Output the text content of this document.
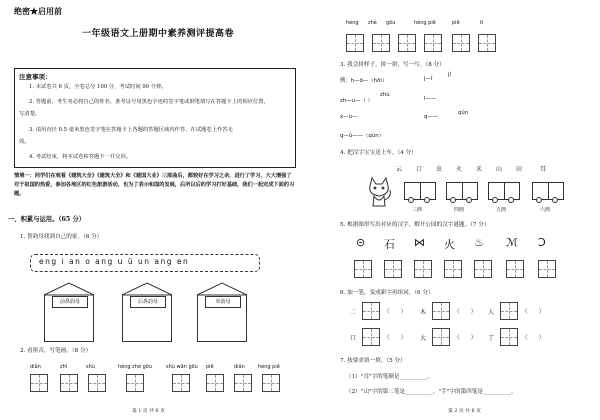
绝密★启用前
一年级语文上册期中素养测评提高卷
注意事项：
1. 本试卷共 6 页，全卷总分 100 分，考试时间 90 分钟。
2. 答题前，考生务必将自己的姓名、准考证号用黑色字迹的签字笔或钢笔填写在答题卡上的相应位置，
写清楚。
3. 请用直径 0.5 毫米黑色签字笔在答题卡上各题的答题区域内作答，在试题卷上作答无
效。
4. 考试结束，将本试卷和答题卡一并交回。
情境一：同学们在观看《建筑大全》《建筑大全》和《建国大业》三部曲后，都较好在学习之余，进行了学习，大大增强了对于祖国的热爱，参加各地区的红色旅游活动，也为了表示和国的发展，后所以后的学习打好基础，我们一起完成下面的习题。
一、积累与运用。（65 分）
1. 帮韵母找到自己的家。（6 分）
eng i an o ang u ü un ang en
前鼻韵母	后鼻韵母	单韵母
2. 看拼音，写笔画。（8 分）
diǎn	zhǐ	shù	héng zhé gōu	shù wān gōu piě	diǎn	héng piě
第 1 页 共 6 页
héng zhé gōu	héng piě	piě	tí
3. 我会拼样子，拼一拼，写一写。（8 分）
例：h—ō—（hōi）	j—ǐ
jǐ
zh—u—（ ）
zhù
l——
x—ù—
q—ǔ——（qùn）
q——
qún
4. 把汉字宝宝送上车。（4 分）
云 口 虫 火 禾 山 田	耳
三画	四画	五画	六画
5. 根据图形写出对应的汉字，解开公园的汉字谜题。（7 分）
⊝ 石 ⋈ 火 ♨ ℳ Ɔ
6. 加一笔，变成新字再组词。（6 分）
二	（　　） 木	（　　） 人	（　　）
口	（　　） 大	（　　） 了	（　　）
7. 按要求填一填。（5 分）
（1）"耳"字的笔顺是__________。
（2）"山"字的第二笔是__________，"手"字的第四笔是__________。
第 2 页 共 6 页
